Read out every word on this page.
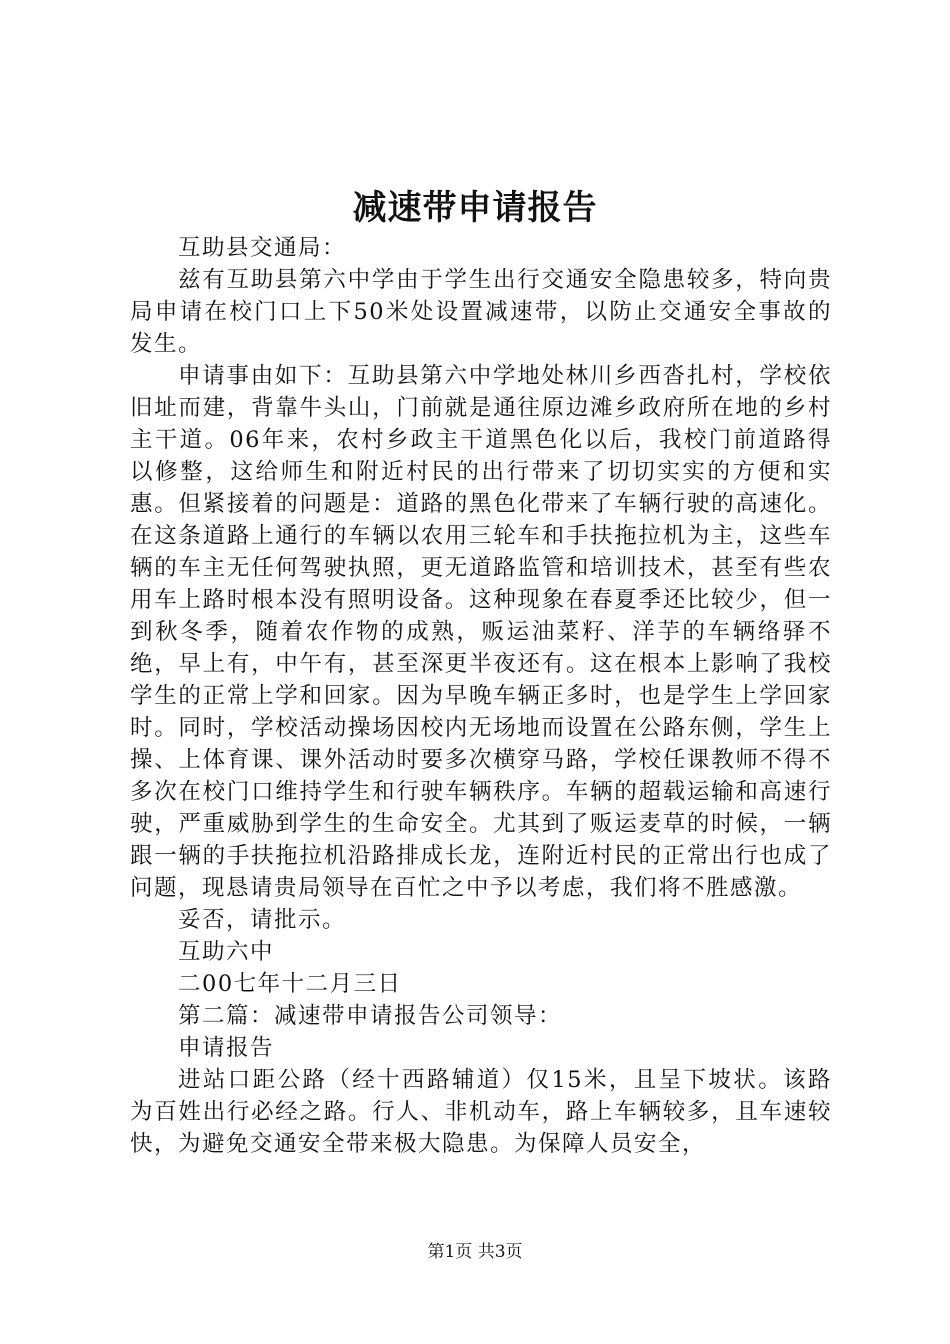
减速带申请报告

互助县交通局：

兹有互助县第六中学由于学生出行交通安全隐患较多，特向贵局申请在校门口上下50米处设置减速带，以防止交通安全事故的发生。

申请事由如下：互助县第六中学地处林川乡西沓扎村，学校依旧址而建，背靠牛头山，门前就是通往原边滩乡政府所在地的乡村主干道。06年来，农村乡政主干道黑色化以后，我校门前道路得以修整，这给师生和附近村民的出行带来了切切实实的方便和实惠。但紧接着的问题是：道路的黑色化带来了车辆行驶的高速化。在这条道路上通行的车辆以农用三轮车和手扶拖拉机为主，这些车辆的车主无任何驾驶执照，更无道路监管和培训技术，甚至有些农用车上路时根本没有照明设备。这种现象在春夏季还比较少，但一到秋冬季，随着农作物的成熟，贩运油菜籽、洋芋的车辆络驿不绝，早上有，中午有，甚至深更半夜还有。这在根本上影响了我校学生的正常上学和回家。因为早晚车辆正多时，也是学生上学回家时。同时，学校活动操场因校内无场地而设置在公路东侧，学生上操、上体育课、课外活动时要多次横穿马路，学校任课教师不得不多次在校门口维持学生和行驶车辆秩序。车辆的超载运输和高速行驶，严重威胁到学生的生命安全。尤其到了贩运麦草的时候，一辆跟一辆的手扶拖拉机沿路排成长龙，连附近村民的正常出行也成了问题，现恳请贵局领导在百忙之中予以考虑，我们将不胜感激。

妥否，请批示。

互助六中

二00七年十二月三日

第二篇：减速带申请报告公司领导：

申请报告

进站口距公路（经十西路辅道）仅15米，且呈下坡状。该路为百姓出行必经之路。行人、非机动车，路上车辆较多，且车速较快，为避免交通安全带来极大隐患。为保障人员安全，

第1页 共3页
